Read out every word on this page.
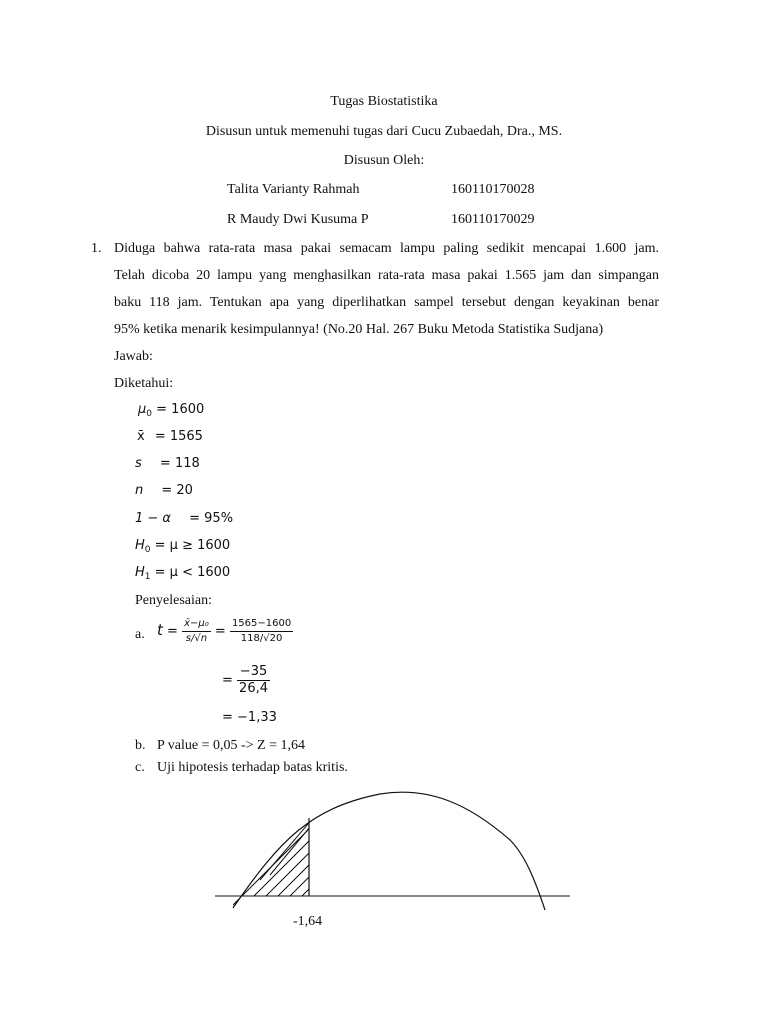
Tugas Biostatistika
Disusun untuk memenuhi tugas dari Cucu Zubaedah, Dra., MS.
Disusun Oleh:
Talita Varianty Rahmah	160110170028
R Maudy Dwi Kusuma P	160110170029
1. Diduga bahwa rata-rata masa pakai semacam lampu paling sedikit mencapai 1.600 jam.
Telah dicoba 20 lampu yang menghasilkan rata-rata masa pakai 1.565 jam dan simpangan
baku 118 jam. Tentukan apa yang diperlihatkan sampel tersebut dengan keyakinan benar
95% ketika menarik kesimpulannya! (No.20 Hal. 267 Buku Metoda Statistika Sudjana)
Jawab:
Diketahui:
$\mu_0 = 1600$
x̄ = 1565
s = 118
n = 20
1 − α = 95%
$H_0 = \mu \ge 1600$
$H_1 = \mu < 1600$
Penyelesaian:
a. $t = \frac{\text{x̄−μ₀}}{s/√n} = \frac{1565-1600}{118/√20}$
= $\frac{-35}{26,4}$
= −1,33
b. P value = 0,05 -> Z = 1,64
c. Uji hipotesis terhadap batas kritis.
-1,64
